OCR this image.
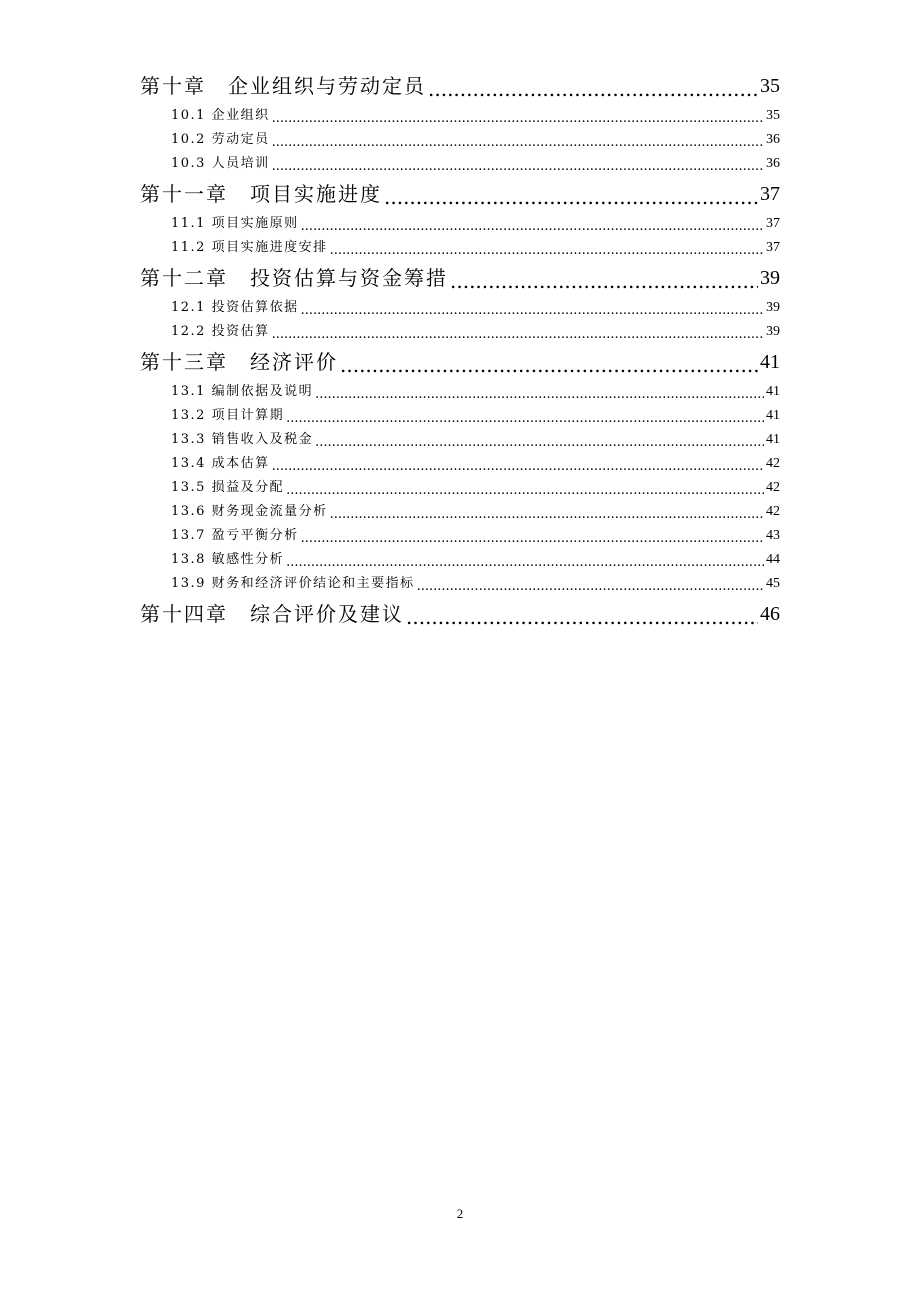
第十章 企业组织与劳动定员 .....	35
10.1 企业组织 .....	35
10.2 劳动定员 .....	36
10.3 人员培训 .....	36
第十一章 项目实施进度 .....	37
11.1 项目实施原则 .....	37
11.2 项目实施进度安排 .....	37
第十二章 投资估算与资金筹措 .....	39
12.1 投资估算依据 .....	39
12.2 投资估算 .....	39
第十三章 经济评价 .....	41
13.1 编制依据及说明 .....	41
13.2 项目计算期 .....	41
13.3 销售收入及税金 .....	41
13.4 成本估算 .....	42
13.5 损益及分配 .....	42
13.6 财务现金流量分析 .....	42
13.7 盈亏平衡分析 .....	43
13.8 敏感性分析 .....	44
13.9 财务和经济评价结论和主要指标 .....	45
第十四章 综合评价及建议 .....	46
2
